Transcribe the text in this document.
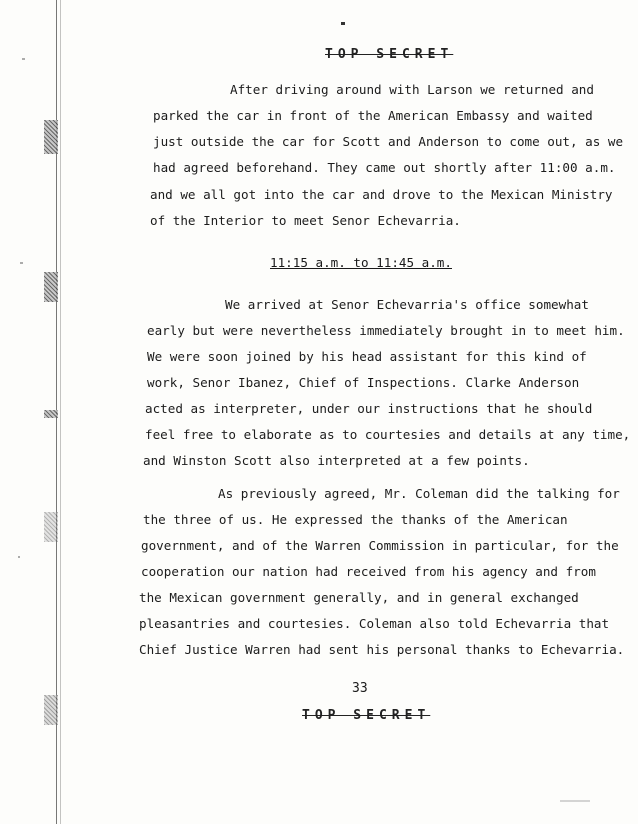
TOP SECRET
After driving around with Larson we returned and
parked the car in front of the American Embassy and waited
just outside the car for Scott and Anderson to come out, as we
had agreed beforehand. They came out shortly after 11:00 a.m.
and we all got into the car and drove to the Mexican Ministry
of the Interior to meet Senor Echevarria.
11:15 a.m. to 11:45 a.m.
We arrived at Senor Echevarria's office somewhat
early but were nevertheless immediately brought in to meet him.
We were soon joined by his head assistant for this kind of
work, Senor Ibanez, Chief of Inspections. Clarke Anderson
acted as interpreter, under our instructions that he should
feel free to elaborate as to courtesies and details at any time,
and Winston Scott also interpreted at a few points.
As previously agreed, Mr. Coleman did the talking for
the three of us. He expressed the thanks of the American
government, and of the Warren Commission in particular, for the
cooperation our nation had received from his agency and from
the Mexican government generally, and in general exchanged
pleasantries and courtesies. Coleman also told Echevarria that
Chief Justice Warren had sent his personal thanks to Echevarria.
33
TOP SECRET
